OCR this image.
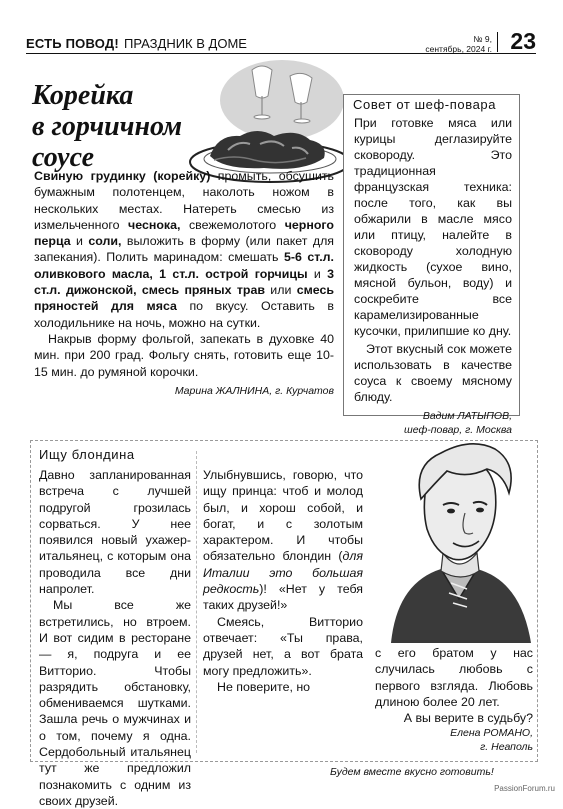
ЕСТЬ ПОВОД! ПРАЗДНИК В ДОМЕ	№ 9,
сентябрь, 2024 г. 23
Корейка
в горчичном
соусе

Свиную грудинку (корейку) промыть, обсушить бумажным полотенцем, наколоть ножом в нескольких местах. Натереть смесью из измельченного чеснока, свежемолотого черного перца и соли, выложить в форму (или пакет для запекания). Полить маринадом: смешать 5-6 ст.л. оливкового масла, 1 ст.л. острой горчицы и 3 ст.л. дижонской, смесь пряных трав или смесь пряностей для мяса по вкусу. Оставить в холодильнике на ночь, можно на сутки.

Накрыв форму фольгой, запекать в духовке 40 мин. при 200 град. Фольгу снять, готовить еще 10-15 мин. до румяной корочки.

Марина ЖАЛНИНА, г. Курчатов
Совет от шеф-повара

При готовке мяса или курицы деглазируйте сковороду. Это традиционная французская техника: после того, как вы обжарили в масле мясо или птицу, налейте в сковороду холодную жидкость (сухое вино, мясной бульон, воду) и соскребите все карамелизированные кусочки, прилипшие ко дну.

Этот вкусный сок можете использовать в качестве соуса к своему мясному блюду.

Вадим ЛАТЫПОВ,
шеф-повар, г. Москва
Ищу блондина

Давно запланированная встреча с лучшей подругой грозилась сорваться. У нее появился новый ухажер-итальянец, с которым она проводила все дни напролет.

Мы все же встретились, но втроем. И вот сидим в ресторане — я, подруга и ее Витторио. Чтобы разрядить обстановку, обмениваемся шутками. Зашла речь о мужчинах и о том, почему я одна. Сердобольный итальянец тут же предложил познакомить с одним из своих друзей.

Улыбнувшись, говорю, что ищу принца: чтоб и молод был, и хорош собой, и богат, и с золотым характером. И чтобы обязательно блондин (для Италии это большая редкость)! «Нет у тебя таких друзей!»

Смеясь, Витторио отвечает: «Ты права, друзей нет, а вот брата могу предложить».

Не поверите, но

с его братом у нас случилась любовь с первого взгляда. Любовь длиною более 20 лет.

А вы верите в судьбу?

Елена РОМАНО,
г. Неаполь
Будем вместе вкусно готовить!
PassionForum.ru
